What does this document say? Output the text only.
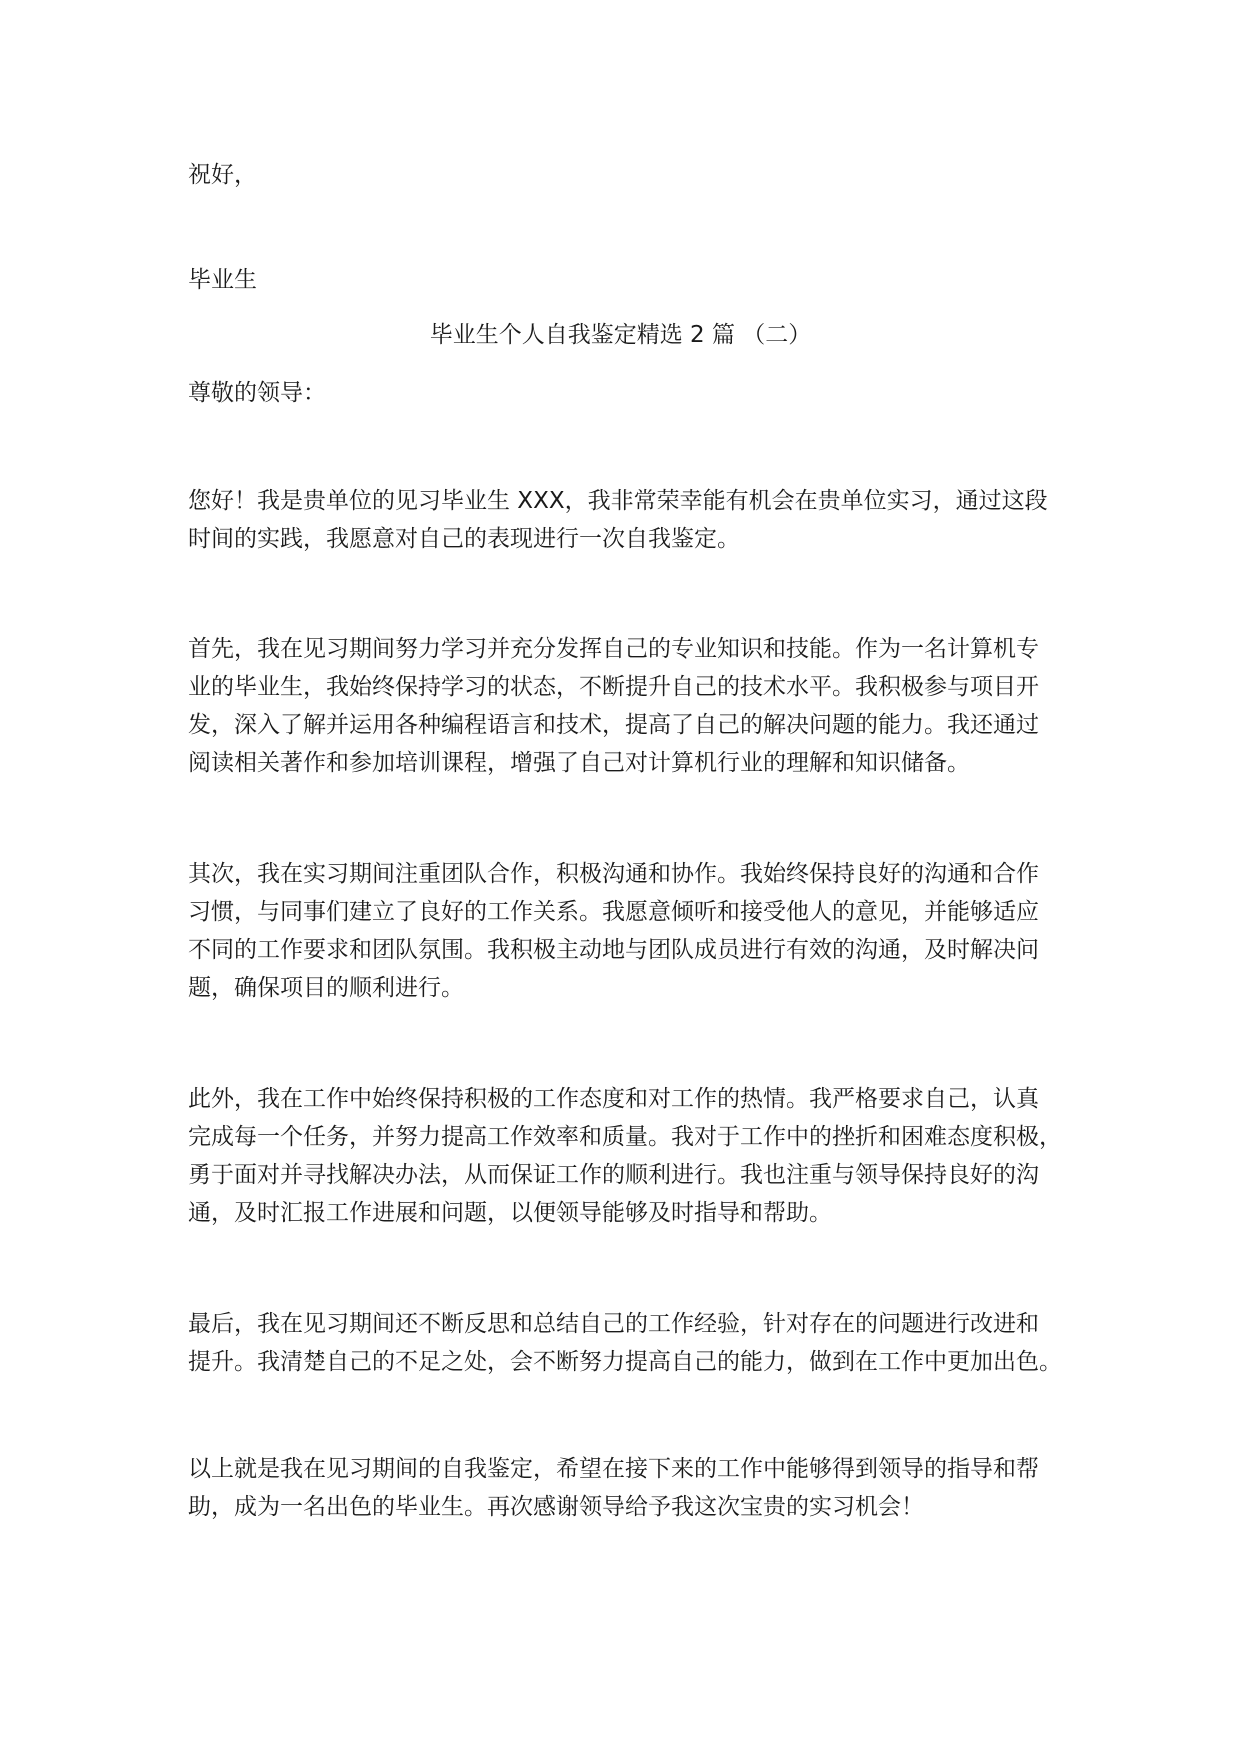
祝好，
毕业生
毕业生个人自我鉴定精选 2 篇 （二）
尊敬的领导：
您好！我是贵单位的见习毕业生 XXX，我非常荣幸能有机会在贵单位实习，通过这段
时间的实践，我愿意对自己的表现进行一次自我鉴定。
首先，我在见习期间努力学习并充分发挥自己的专业知识和技能。作为一名计算机专
业的毕业生，我始终保持学习的状态，不断提升自己的技术水平。我积极参与项目开
发，深入了解并运用各种编程语言和技术，提高了自己的解决问题的能力。我还通过
阅读相关著作和参加培训课程，增强了自己对计算机行业的理解和知识储备。
其次，我在实习期间注重团队合作，积极沟通和协作。我始终保持良好的沟通和合作
习惯，与同事们建立了良好的工作关系。我愿意倾听和接受他人的意见，并能够适应
不同的工作要求和团队氛围。我积极主动地与团队成员进行有效的沟通，及时解决问
题，确保项目的顺利进行。
此外，我在工作中始终保持积极的工作态度和对工作的热情。我严格要求自己，认真
完成每一个任务，并努力提高工作效率和质量。我对于工作中的挫折和困难态度积极，
勇于面对并寻找解决办法，从而保证工作的顺利进行。我也注重与领导保持良好的沟
通，及时汇报工作进展和问题，以便领导能够及时指导和帮助。
最后，我在见习期间还不断反思和总结自己的工作经验，针对存在的问题进行改进和
提升。我清楚自己的不足之处，会不断努力提高自己的能力，做到在工作中更加出色。
以上就是我在见习期间的自我鉴定，希望在接下来的工作中能够得到领导的指导和帮
助，成为一名出色的毕业生。再次感谢领导给予我这次宝贵的实习机会！
